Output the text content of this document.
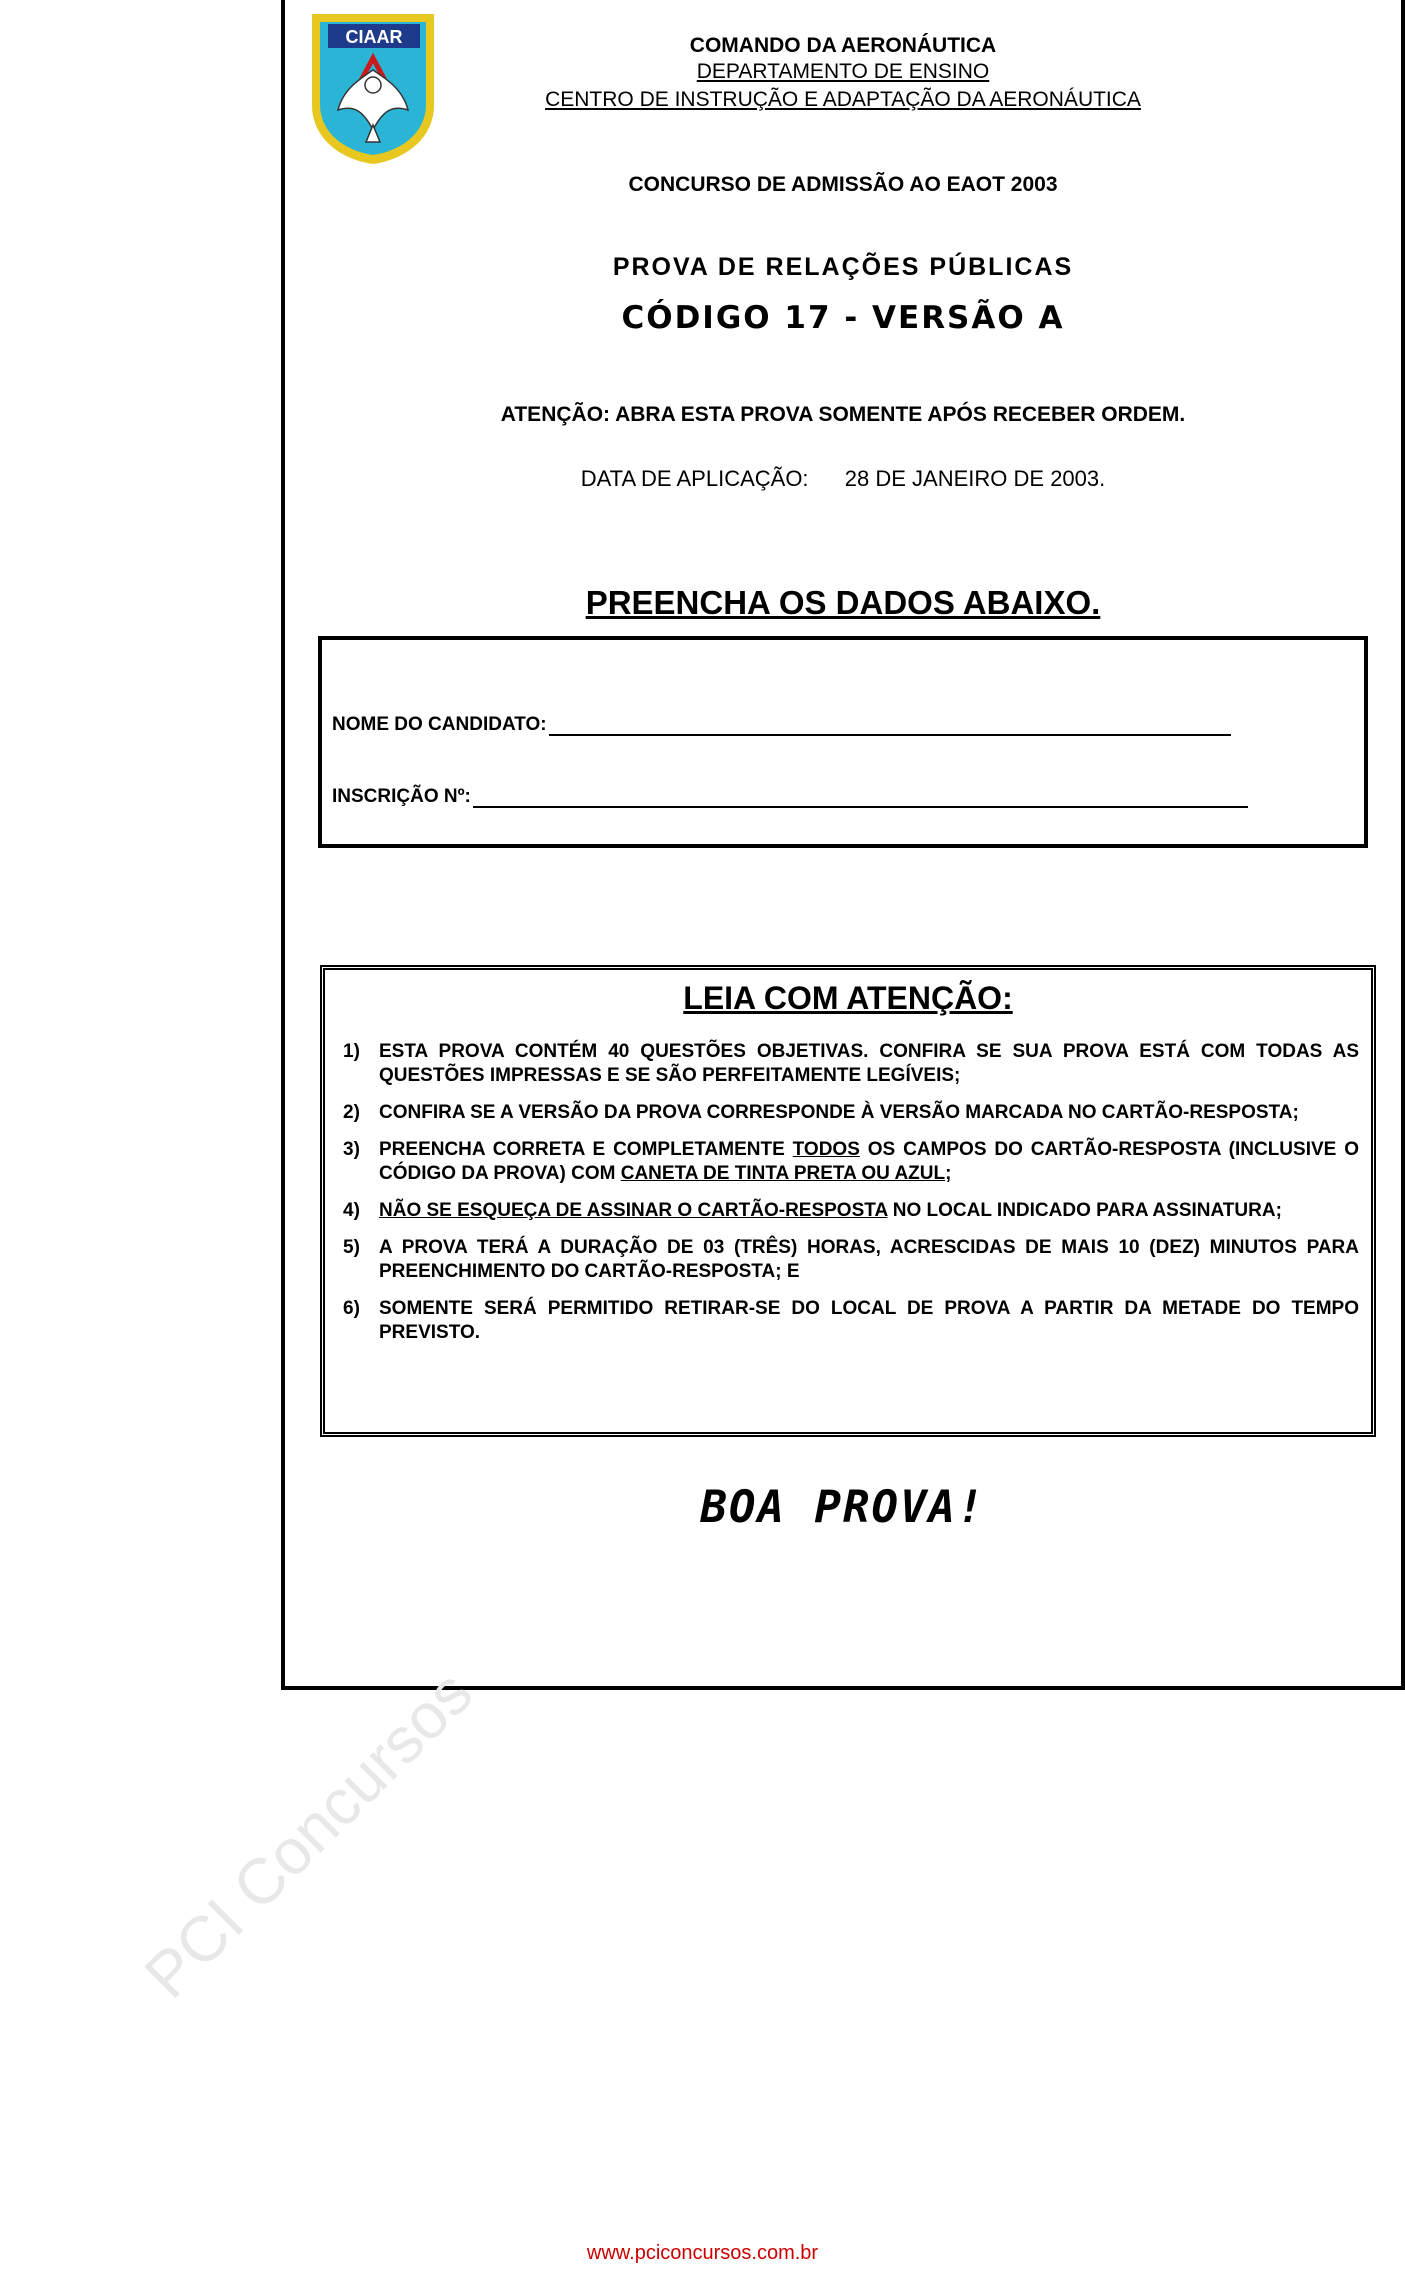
CIAAR	COMANDO DA AERONÁUTICA
DEPARTAMENTO DE ENSINO
CENTRO DE INSTRUÇÃO E ADAPTAÇÃO DA AERONÁUTICA
CONCURSO DE ADMISSÃO AO EAOT 2003
PROVA DE RELAÇÕES PÚBLICAS
CÓDIGO 17 - VERSÃO A
ATENÇÃO: ABRA ESTA PROVA SOMENTE APÓS RECEBER ORDEM.
DATA DE APLICAÇÃO: 28 DE JANEIRO DE 2003.
PREENCHA OS DADOS ABAIXO.
NOME DO CANDIDATO:
INSCRIÇÃO Nº:
LEIA COM ATENÇÃO:
1)	ESTA PROVA CONTÉM 40 QUESTÕES OBJETIVAS. CONFIRA SE SUA PROVA ESTÁ COM TODAS AS QUESTÕES IMPRESSAS E SE SÃO PERFEITAMENTE LEGÍVEIS;
2)	CONFIRA SE A VERSÃO DA PROVA CORRESPONDE À VERSÃO MARCADA NO CARTÃO-RESPOSTA;
3)	PREENCHA CORRETA E COMPLETAMENTE TODOS OS CAMPOS DO CARTÃO-RESPOSTA (INCLUSIVE O CÓDIGO DA PROVA) COM CANETA DE TINTA PRETA OU AZUL;
4)	NÃO SE ESQUEÇA DE ASSINAR O CARTÃO-RESPOSTA NO LOCAL INDICADO PARA ASSINATURA;
5)	A PROVA TERÁ A DURAÇÃO DE 03 (TRÊS) HORAS, ACRESCIDAS DE MAIS 10 (DEZ) MINUTOS PARA PREENCHIMENTO DO CARTÃO-RESPOSTA; E
6)	SOMENTE SERÁ PERMITIDO RETIRAR-SE DO LOCAL DE PROVA A PARTIR DA METADE DO TEMPO PREVISTO.
BOA PROVA!
PCI Concursos
www.pciconcursos.com.br
